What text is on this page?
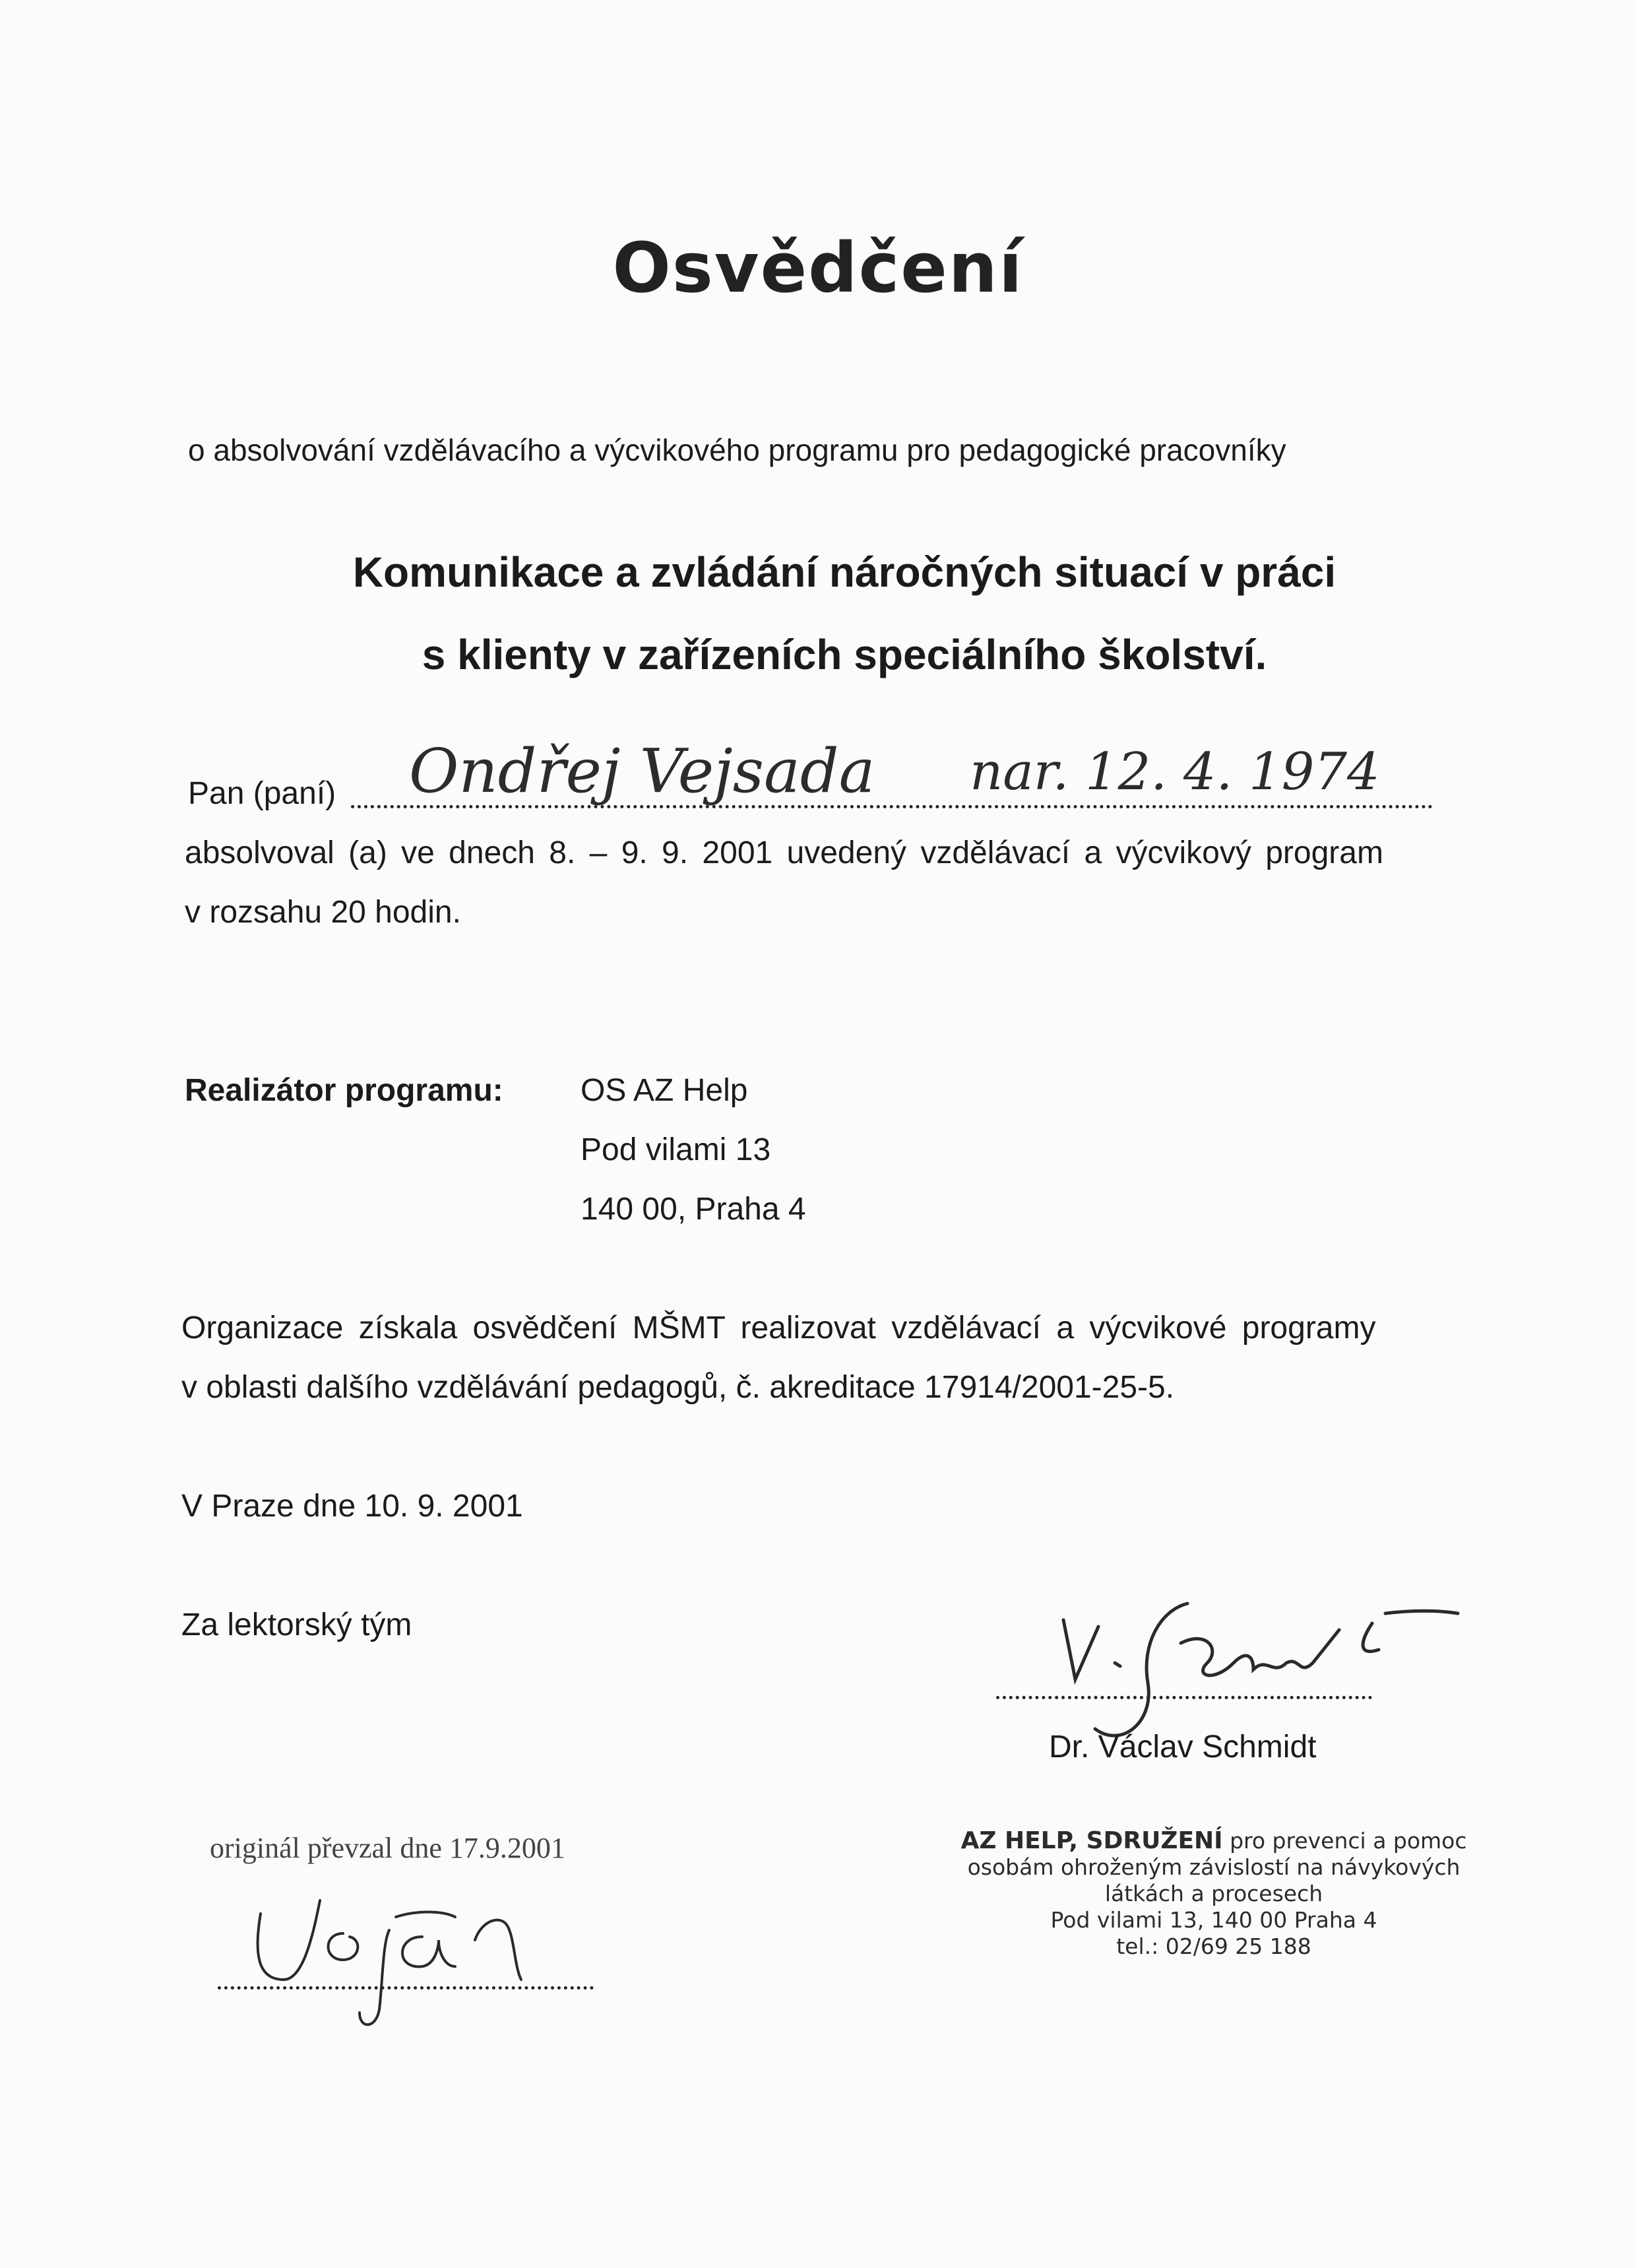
Osvědčení
o absolvování vzdělávacího a výcvikového programu pro pedagogické pracovníky
Komunikace a zvládání náročných situací v práci
s klienty v zařízeních speciálního školství.
Pan (paní) Ondřej Vejsada nar. 12. 4. 1974
absolvoval (a) ve dnech 8. – 9. 9. 2001 uvedený vzdělávací a výcvikový program
v rozsahu 20 hodin.
Realizátor programu: OS AZ Help
Pod vilami 13
140 00, Praha 4
Organizace získala osvědčení MŠMT realizovat vzdělávací a výcvikové programy
v oblasti dalšího vzdělávání pedagogů, č. akreditace 17914/2001-25-5.
V Praze dne 10. 9. 2001
Za lektorský tým
Dr. Václav Schmidt
originál převzal dne 17.9.2001	AZ HELP, SDRUŽENÍ pro prevenci a pomoc
osobám ohroženým závislostí na návykových
látkách a procesech
Pod vilami 13, 140 00 Praha 4
tel.: 02/69 25 188
